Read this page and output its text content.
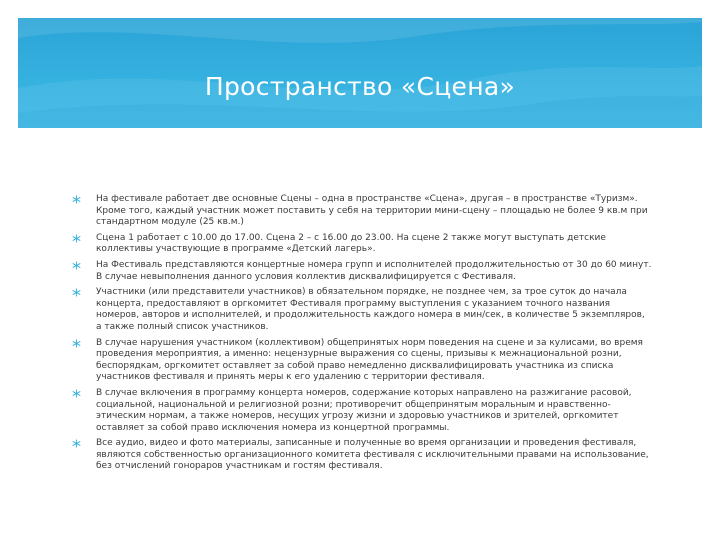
Пространство «Сцена»
На фестивале работает две основные Сцены – одна в пространстве «Сцена», другая – в пространстве «Туризм». Кроме того, каждый участник может поставить у себя на территории мини-сцену – площадью не более 9 кв.м при стандартном модуле (25 кв.м.)
Сцена 1 работает с 10.00 до 17.00. Сцена 2 – с 16.00 до 23.00. На сцене 2 также могут выступать детские коллективы участвующие в программе «Детский лагерь».
На Фестиваль представляются концертные номера групп и исполнителей продолжительностью от 30 до 60 минут. В случае невыполнения данного условия коллектив дисквалифицируется с Фестиваля.
Участники (или представители участников) в обязательном порядке, не позднее чем, за трое суток до начала концерта, предоставляют в оргкомитет Фестиваля программу выступления с указанием точного названия номеров, авторов и исполнителей, и продолжительность каждого номера в мин/сек, в количестве 5 экземпляров, а также полный список участников.
В случае нарушения участником (коллективом) общепринятых норм поведения на сцене и за кулисами, во время проведения мероприятия, а именно: нецензурные выражения со сцены, призывы к межнациональной розни, беспорядкам, оргкомитет оставляет за собой право немедленно дисквалифицировать участника из списка участников фестиваля и принять меры к его удалению с территории фестиваля.
В случае включения в программу концерта номеров, содержание которых направлено на разжигание расовой, социальной, национальной и религиозной розни; противоречит общепринятым моральным и нравственно-этическим нормам, а также номеров, несущих угрозу жизни и здоровью участников и зрителей, оргкомитет оставляет за собой право исключения номера из концертной программы.
Все аудио, видео и фото материалы, записанные и полученные во время организации и проведения фестиваля, являются собственностью организационного комитета фестиваля с исключительными правами на использование, без отчислений гонораров участникам и гостям фестиваля.
